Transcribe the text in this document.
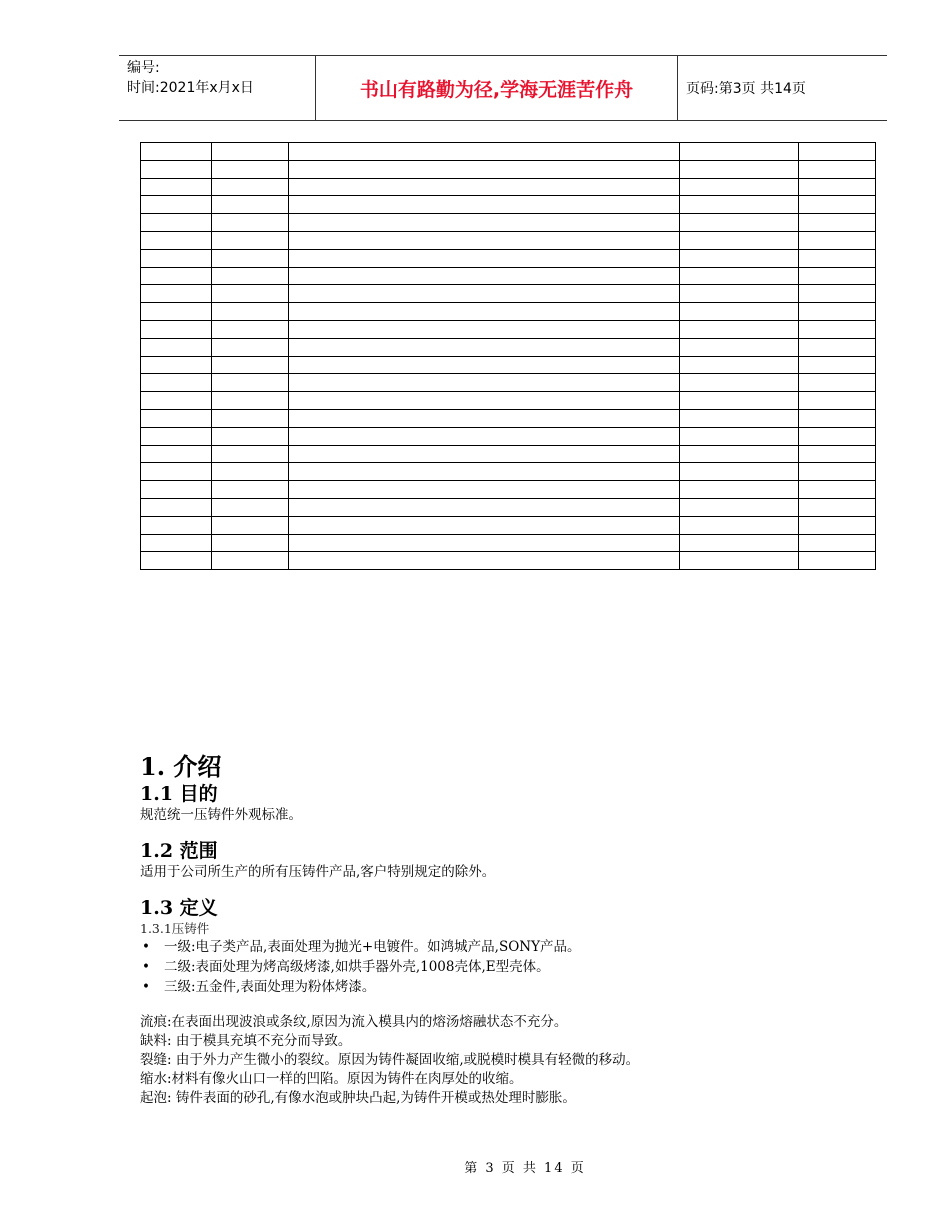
编号:
时间:2021年x月x日	书山有路勤为径,学海无涯苦作舟	页码:第3页 共14页

1. 介绍
1.1 目的
规范统一压铸件外观标准。
1.2 范围
适用于公司所生产的所有压铸件产品,客户特别规定的除外。
1.3 定义
1.3.1压铸件
• 一级:电子类产品,表面处理为抛光+电镀件。如鸿城产品,SONY产品。
• 二级:表面处理为烤高级烤漆,如烘手器外壳,1008壳体,E型壳体。
• 三级:五金件,表面处理为粉体烤漆。
流痕:在表面出现波浪或条纹,原因为流入模具内的熔汤熔融状态不充分。
缺料: 由于模具充填不充分而导致。
裂缝: 由于外力产生微小的裂纹。原因为铸件凝固收缩,或脱模时模具有轻微的移动。
缩水:材料有像火山口一样的凹陷。原因为铸件在肉厚处的收缩。
起泡: 铸件表面的砂孔,有像水泡或肿块凸起,为铸件开模或热处理时膨胀。
第 3 页 共 14 页
